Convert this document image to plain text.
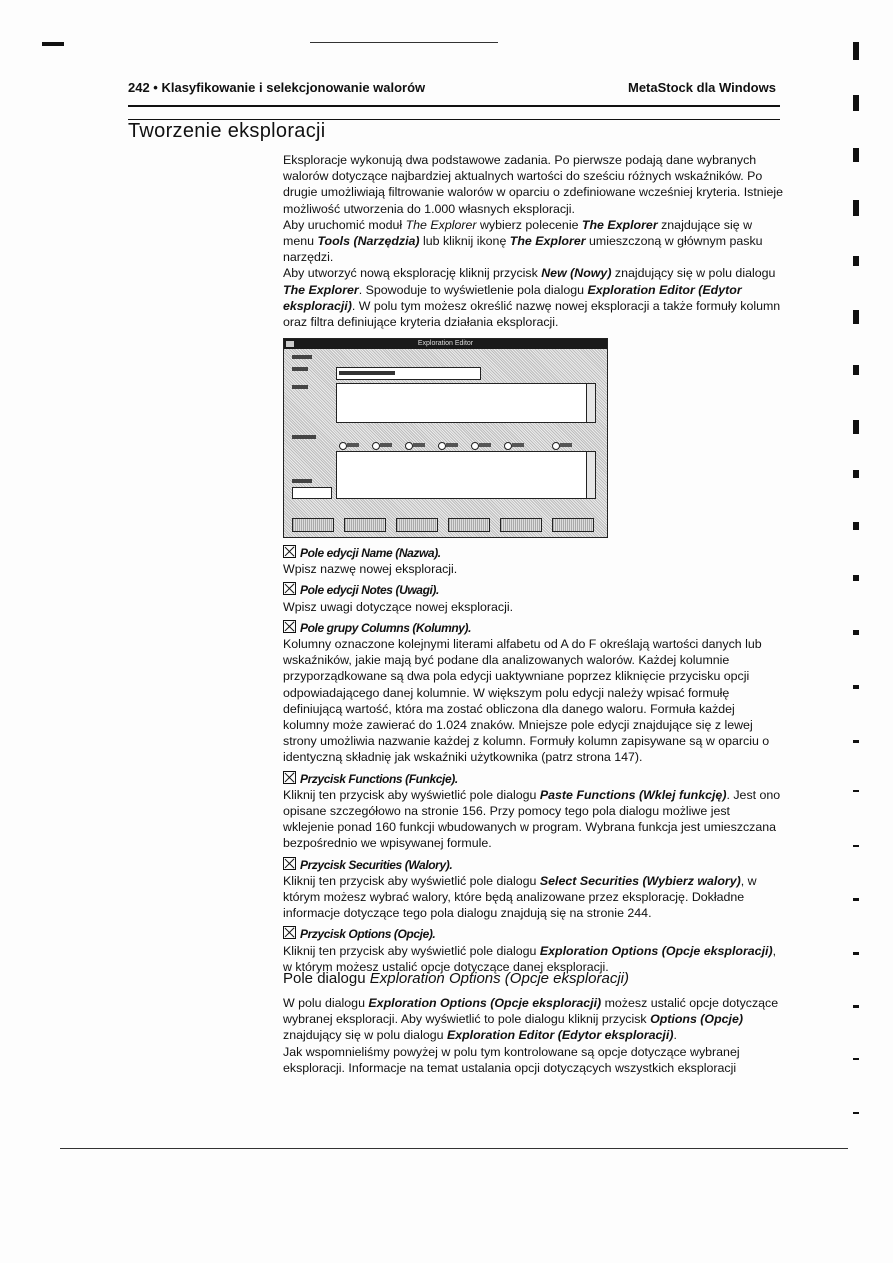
242 • Klasyfikowanie i selekcjonowanie walorów	MetaStock dla Windows
Tworzenie eksploracji

Eksploracje wykonują dwa podstawowe zadania. Po pierwsze podają dane wybranych walorów dotyczące najbardziej aktualnych wartości do sześciu różnych wskaźników. Po drugie umożliwiają filtrowanie walorów w oparciu o zdefiniowane wcześniej kryteria. Istnieje możliwość utworzenia do 1.000 własnych eksploracji.

Aby uruchomić moduł The Explorer wybierz polecenie The Explorer znajdujące się w menu Tools (Narzędzia) lub kliknij ikonę The Explorer umieszczoną w głównym pasku narzędzi.

Aby utworzyć nową eksplorację kliknij przycisk New (Nowy) znajdujący się w polu dialogu The Explorer. Spowoduje to wyświetlenie pola dialogu Exploration Editor (Edytor eksploracji). W polu tym możesz określić nazwę nowej eksploracji a także formuły kolumn oraz filtra definiujące kryteria działania eksploracji.

Exploration Editor
Pole edycji Name (Nazwa).

Wpisz nazwę nowej eksploracji.

Pole edycji Notes (Uwagi).

Wpisz uwagi dotyczące nowej eksploracji.

Pole grupy Columns (Kolumny).

Kolumny oznaczone kolejnymi literami alfabetu od A do F określają wartości danych lub wskaźników, jakie mają być podane dla analizowanych walorów. Każdej kolumnie przyporządkowane są dwa pola edycji uaktywniane poprzez kliknięcie przycisku opcji odpowiadającego danej kolumnie. W większym polu edycji należy wpisać formułę definiującą wartość, która ma zostać obliczona dla danego waloru. Formuła każdej kolumny może zawierać do 1.024 znaków. Mniejsze pole edycji znajdujące się z lewej strony umożliwia nazwanie każdej z kolumn. Formuły kolumn zapisywane są w oparciu o identyczną składnię jak wskaźniki użytkownika (patrz strona 147).

Przycisk Functions (Funkcje).

Kliknij ten przycisk aby wyświetlić pole dialogu Paste Functions (Wklej funkcję). Jest ono opisane szczegółowo na stronie 156. Przy pomocy tego pola dialogu możliwe jest wklejenie ponad 160 funkcji wbudowanych w program. Wybrana funkcja jest umieszczana bezpośrednio we wpisywanej formule.

Przycisk Securities (Walory).

Kliknij ten przycisk aby wyświetlić pole dialogu Select Securities (Wybierz walory), w którym możesz wybrać walory, które będą analizowane przez eksplorację. Dokładne informacje dotyczące tego pola dialogu znajdują się na stronie 244.

Przycisk Options (Opcje).

Kliknij ten przycisk aby wyświetlić pole dialogu Exploration Options (Opcje eksploracji), w którym możesz ustalić opcje dotyczące danej eksploracji.

Pole dialogu Exploration Options (Opcje eksploracji)

W polu dialogu Exploration Options (Opcje eksploracji) możesz ustalić opcje dotyczące wybranej eksploracji. Aby wyświetlić to pole dialogu kliknij przycisk Options (Opcje) znajdujący się w polu dialogu Exploration Editor (Edytor eksploracji).

Jak wspomnieliśmy powyżej w polu tym kontrolowane są opcje dotyczące wybranej eksploracji. Informacje na temat ustalania opcji dotyczących wszystkich eksploracji
